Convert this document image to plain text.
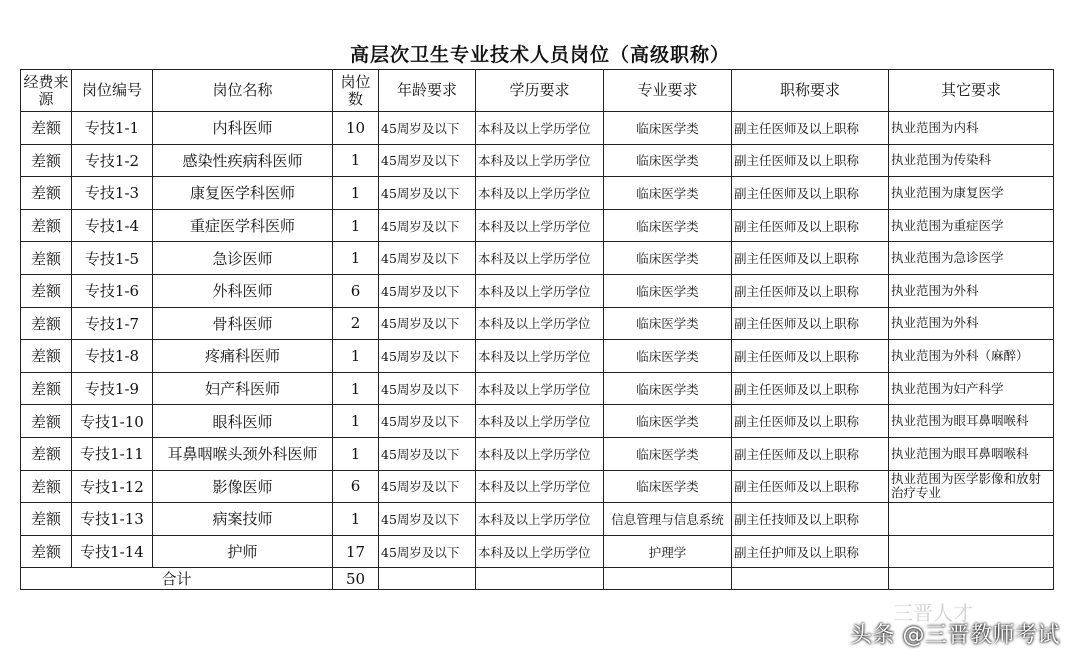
高层次卫生专业技术人员岗位（高级职称）
经费来源	岗位编号	岗位名称	岗位数	年龄要求	学历要求	专业要求	职称要求	其它要求
差额	专技1-1	内科医师	10	45周岁及以下	本科及以上学历学位	临床医学类	副主任医师及以上职称	执业范围为内科
差额	专技1-2	感染性疾病科医师	1	45周岁及以下	本科及以上学历学位	临床医学类	副主任医师及以上职称	执业范围为传染科
差额	专技1-3	康复医学科医师	1	45周岁及以下	本科及以上学历学位	临床医学类	副主任医师及以上职称	执业范围为康复医学
差额	专技1-4	重症医学科医师	1	45周岁及以下	本科及以上学历学位	临床医学类	副主任医师及以上职称	执业范围为重症医学
差额	专技1-5	急诊医师	1	45周岁及以下	本科及以上学历学位	临床医学类	副主任医师及以上职称	执业范围为急诊医学
差额	专技1-6	外科医师	6	45周岁及以下	本科及以上学历学位	临床医学类	副主任医师及以上职称	执业范围为外科
差额	专技1-7	骨科医师	2	45周岁及以下	本科及以上学历学位	临床医学类	副主任医师及以上职称	执业范围为外科
差额	专技1-8	疼痛科医师	1	45周岁及以下	本科及以上学历学位	临床医学类	副主任医师及以上职称	执业范围为外科（麻醉）
差额	专技1-9	妇产科医师	1	45周岁及以下	本科及以上学历学位	临床医学类	副主任医师及以上职称	执业范围为妇产科学
差额	专技1-10	眼科医师	1	45周岁及以下	本科及以上学历学位	临床医学类	副主任医师及以上职称	执业范围为眼耳鼻咽喉科
差额	专技1-11	耳鼻咽喉头颈外科医师	1	45周岁及以下	本科及以上学历学位	临床医学类	副主任医师及以上职称	执业范围为眼耳鼻咽喉科
差额	专技1-12	影像医师	6	45周岁及以下	本科及以上学历学位	临床医学类	副主任医师及以上职称	执业范围为医学影像和放射治疗专业
差额	专技1-13	病案技师	1	45周岁及以下	本科及以上学历学位	信息管理与信息系统	副主任技师及以上职称	
差额	专技1-14	护师	17	45周岁及以下	本科及以上学历学位	护理学	副主任护师及以上职称	
合计			50					
三晋人才
头条 @三晋教师考试
